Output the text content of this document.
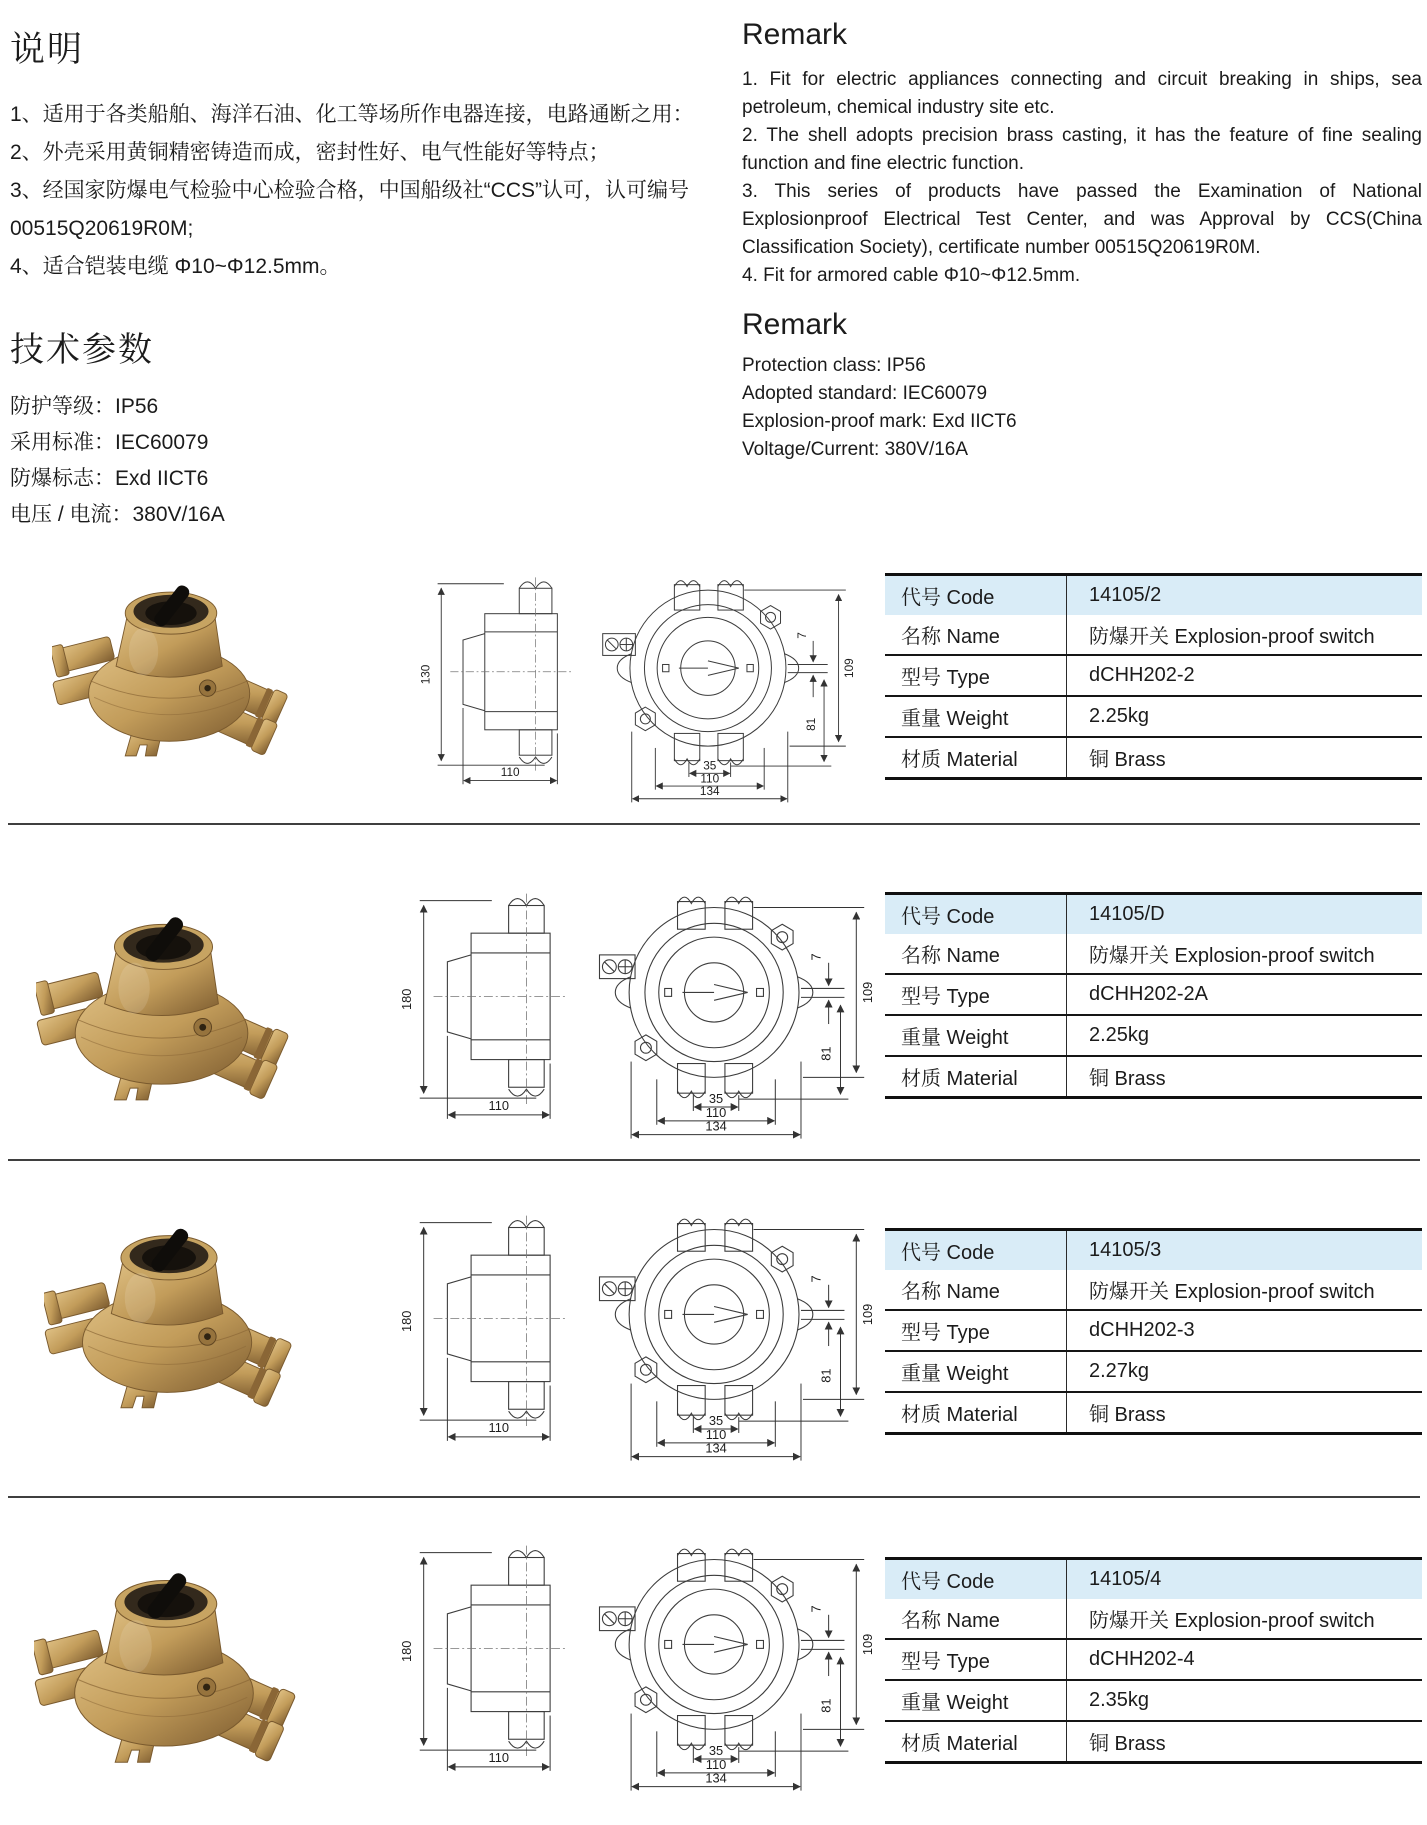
说明

1、适用于各类船舶、海洋石油、化工等场所作电器连接，电路通断之用：

2、外壳采用黄铜精密铸造而成，密封性好、电气性能好等特点；

3、经国家防爆电气检验中心检验合格，中国船级社“CCS”认可，认可编号 00515Q20619R0M;

4、适合铠装电缆 Φ10~Φ12.5mm。

技术参数

防护等级：IP56

采用标准：IEC60079

防爆标志：Exd IICT6

电压 / 电流：380V/16A

Remark

1. Fit for electric appliances connecting and circuit breaking in ships, sea petroleum, chemical industry site etc.

2. The shell adopts precision brass casting, it has the feature of fine sealing function and fine electric function.

3. This series of products have passed the Examination of National Explosionproof Electrical Test Center, and was Approval by CCS(China Classification Society), certificate number 00515Q20619R0M.

4. Fit for armored cable Φ10~Φ12.5mm.

Remark

Protection class: IP56

Adopted standard: IEC60079

Explosion-proof mark: Exd IICT6

Voltage/Current: 380V/16A

130
110
7
109
81
35
110
134
代号 Code	14105/2
名称 Name	防爆开关 Explosion-proof switch
型号 Type	dCHH202-2
重量 Weight	2.25kg
材质 Material	铜 Brass
180
110
7
109
81
35
110
134
代号 Code	14105/D
名称 Name	防爆开关 Explosion-proof switch
型号 Type	dCHH202-2A
重量 Weight	2.25kg
材质 Material	铜 Brass
180
110
7
109
81
35
110
134
代号 Code	14105/3
名称 Name	防爆开关 Explosion-proof switch
型号 Type	dCHH202-3
重量 Weight	2.27kg
材质 Material	铜 Brass
180
110
7
109
81
35
110
134
代号 Code	14105/4
名称 Name	防爆开关 Explosion-proof switch
型号 Type	dCHH202-4
重量 Weight	2.35kg
材质 Material	铜 Brass
